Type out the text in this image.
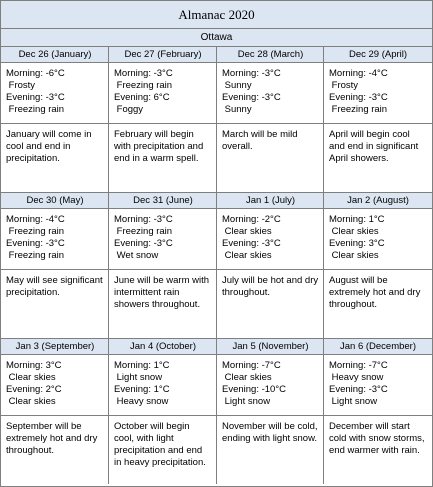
Almanac 2020
Ottawa
Dec 26 (January)
Morning: -6°C
Frosty
Evening: -3°C
Freezing rain
January will come in cool and end in precipitation.
Dec 27 (February)
Morning: -3°C
Freezing rain
Evening: 6°C
Foggy
February will begin with precipitation and end in a warm spell.
Dec 28 (March)
Morning: -3°C
Sunny
Evening: -3°C
Sunny
March will be mild overall.
Dec 29 (April)
Morning: -4°C
Frosty
Evening: -3°C
Freezing rain
April will begin cool and end in significant April showers.
Dec 30 (May)
Morning: -4°C
Freezing rain
Evening: -3°C
Freezing rain
May will see significant precipitation.
Dec 31 (June)
Morning: -3°C
Freezing rain
Evening: -3°C
Wet snow
June will be warm with intermittent rain showers throughout.
Jan 1 (July)
Morning: -2°C
Clear skies
Evening: -3°C
Clear skies
July will be hot and dry throughout.
Jan 2 (August)
Morning: 1°C
Clear skies
Evening: 3°C
Clear skies
August will be extremely hot and dry throughout.
Jan 3 (September)
Morning: 3°C
Clear skies
Evening: 2°C
Clear skies
September will be extremely hot and dry throughout.
Jan 4 (October)
Morning: 1°C
Light snow
Evening: 1°C
Heavy snow
October will begin cool, with light precipitation and end in heavy precipitation.
Jan 5 (November)
Morning: -7°C
Clear skies
Evening: -10°C
Light snow
November will be cold, ending with light snow.
Jan 6 (December)
Morning: -7°C
Heavy snow
Evening: -3°C
Light snow
December will start cold with snow storms, end warmer with rain.
